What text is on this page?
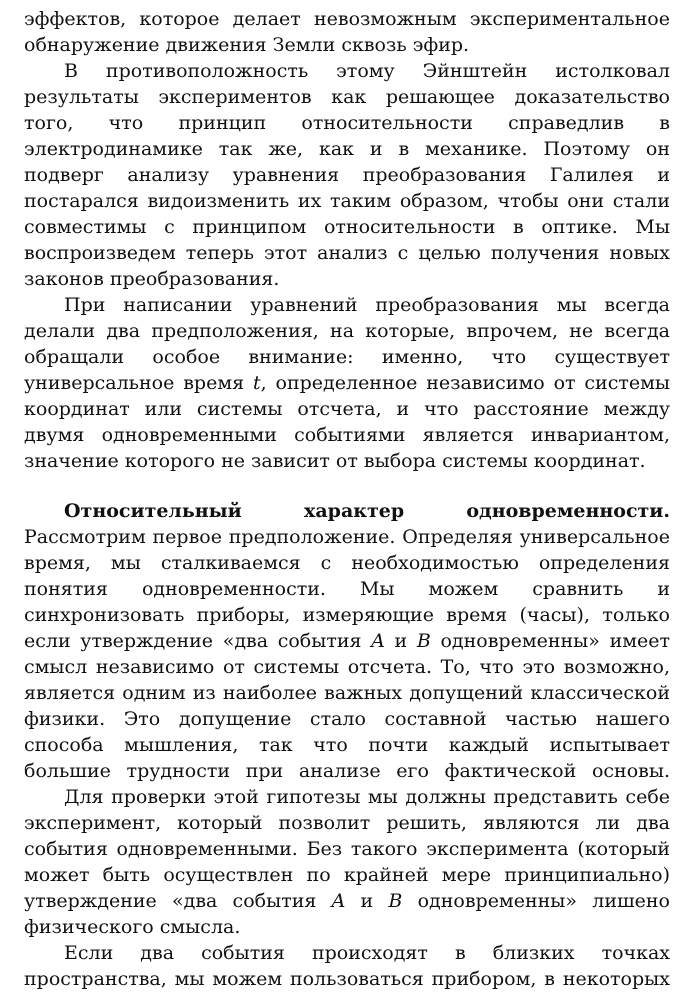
эффектов, которое делает невозможным экспериментальное обнаружение движения Земли сквозь эфир.

В противоположность этому Эйнштейн истолковал результаты экспериментов как решающее доказательство того, что принцип относительности справедлив в электродинамике так же, как и в механике. Поэтому он подверг анализу уравнения преобразования Галилея и постарался видоизменить их таким образом, чтобы они стали совместимы с принципом относительности в оптике. Мы воспроизведем теперь этот анализ с целью получения новых законов преобразования.

При написании уравнений преобразования мы всегда делали два предположения, на которые, впрочем, не всегда обращали особое внимание: именно, что существует универсальное время t, определенное независимо от системы координат или системы отсчета, и что расстояние между двумя одновременными событиями является инвариантом, значение которого не зависит от выбора системы координат.

Относительный характер одновременности. Рассмотрим первое предположение. Определяя универсальное время, мы сталкиваемся с необходимостью определения понятия одновременности. Мы можем сравнить и синхронизовать приборы, измеряющие время (часы), только если утверждение «два события A и B одновременны» имеет смысл независимо от системы отсчета. То, что это возможно, является одним из наиболее важных допущений классической физики. Это допущение стало составной частью нашего способа мышления, так что почти каждый испытывает большие трудности при анализе его фактической основы.

Для проверки этой гипотезы мы должны представить себе эксперимент, который позволит решить, являются ли два события одновременными. Без такого эксперимента (который может быть осуществлен по крайней мере принципиально) утверждение «два события A и B одновременны» лишено физического смысла.

Если два события происходят в близких точках пространства, мы можем пользоваться прибором, в некоторых
